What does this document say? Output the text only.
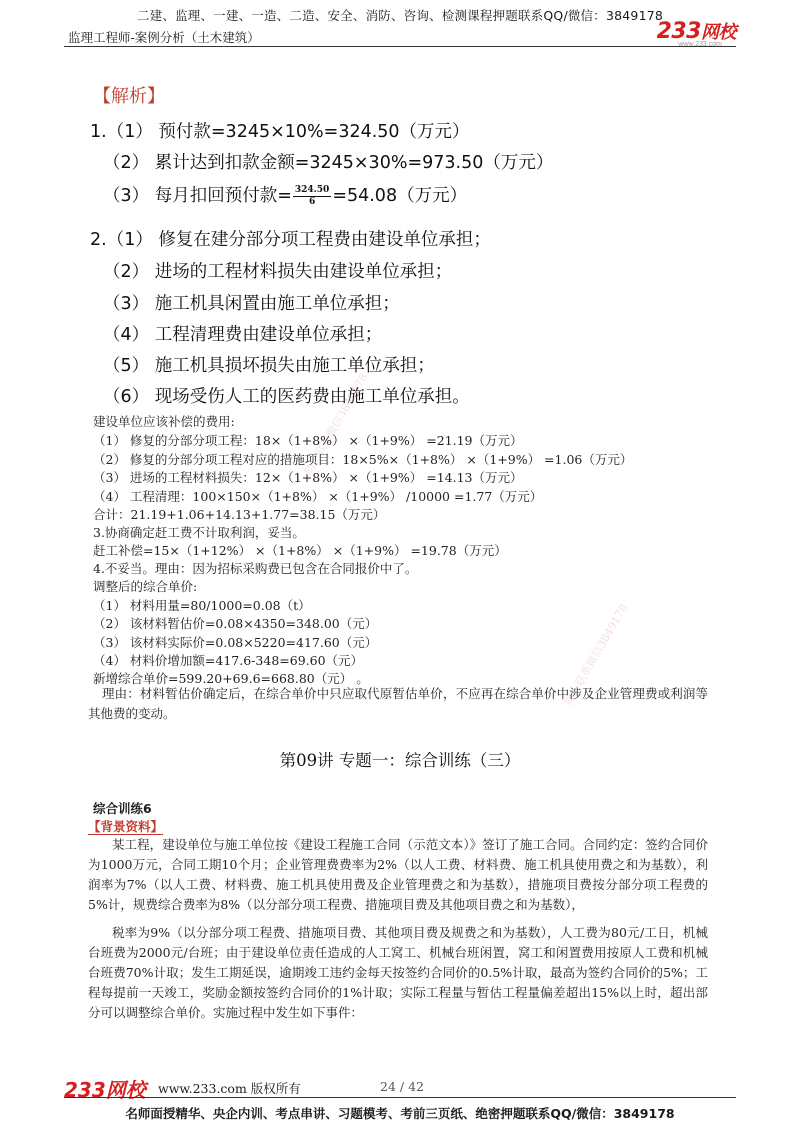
二建、监理、一建、一造、二造、安全、消防、咨询、检测课程押题联系QQ/微信：3849178
监理工程师-案例分析（土木建筑）	233网校
www.233.com
【解析】
1.（1） 预付款=3245×10%=324.50（万元）
（2） 累计达到扣款金额=3245×30%=973.50（万元）
（3） 每月扣回预付款= $\frac{324.50}{6} =54.08$（万元）
2.（1） 修复在建分部分项工程费由建设单位承担；
（2） 进场的工程材料损失由建设单位承担；
（3） 施工机具闲置由施工单位承担；
（4） 工程清理费由建设单位承担；
（5） 施工机具损坏损失由施工单位承担；
（6） 现场受伤人工的医药费由施工单位承担。
建设单位应该补偿的费用:
（1） 修复的分部分项工程：18×（1+8%） ×（1+9%） =21.19（万元）
（2） 修复的分部分项工程对应的措施项目：18×5%×（1+8%） ×（1+9%） =1.06（万元）
（3） 进场的工程材料损失：12×（1+8%） ×（1+9%） =14.13（万元）
（4） 工程清理：100×150×（1+8%） ×（1+9%） /10000 =1.77（万元）
合计：21.19+1.06+14.13+1.77=38.15（万元）
3.协商确定赶工费不计取利润，妥当。
赶工补偿=15×（1+12%） ×（1+8%） ×（1+9%） =19.78（万元）
4.不妥当。理由：因为招标采购费已包含在合同报价中了。
调整后的综合单价:
（1） 材料用量=80/1000=0.08（t）
（2） 该材料暂估价=0.08×4350=348.00（元）
（3） 该材料实际价=0.08×5220=417.60（元）
（4） 材料价增加额=417.6-348=69.60（元）
新增综合单价=599.20+69.6=668.80（元） 。
理由：材料暂估价确定后，在综合单价中只应取代原暂估单价，不应再在综合单价中涉及企业管理费或利润等其他费的变动。
第09讲 专题一：综合训练（三）
综合训练6
【背景资料】
某工程，建设单位与施工单位按《建设工程施工合同（示范文本）》签订了施工合同。合同约定：签约合同价为1000万元，合同工期10个月；企业管理费费率为2%（以人工费、材料费、施工机具使用费之和为基数），利润率为7%（以人工费、材料费、施工机具使用费及企业管理费之和为基数），措施项目费按分部分项工程费的5%计，规费综合费率为8%（以分部分项工程费、措施项目费及其他项目费之和为基数），
税率为9%（以分部分项工程费、措施项目费、其他项目费及规费之和为基数），人工费为80元/工日，机械台班费为2000元/台班；由于建设单位责任造成的人工窝工、机械台班闲置，窝工和闲置费用按原人工费和机械台班费70%计取；发生工期延误，逾期竣工违约金每天按签约合同价的0.5%计取，最高为签约合同价的5%；工程每提前一天竣工，奖励金额按签约合同价的1%计取；实际工程量与暂估工程量偏差超出15%以上时，超出部分可以调整综合单价。实施过程中发生如下事件：
助一联系微信3849178
助一联系微信3849178
233网校 www.233.com 版权所有	24 / 42
名师面授精华、央企内训、考点串讲、习题模考、考前三页纸、绝密押题联系QQ/微信：3849178
